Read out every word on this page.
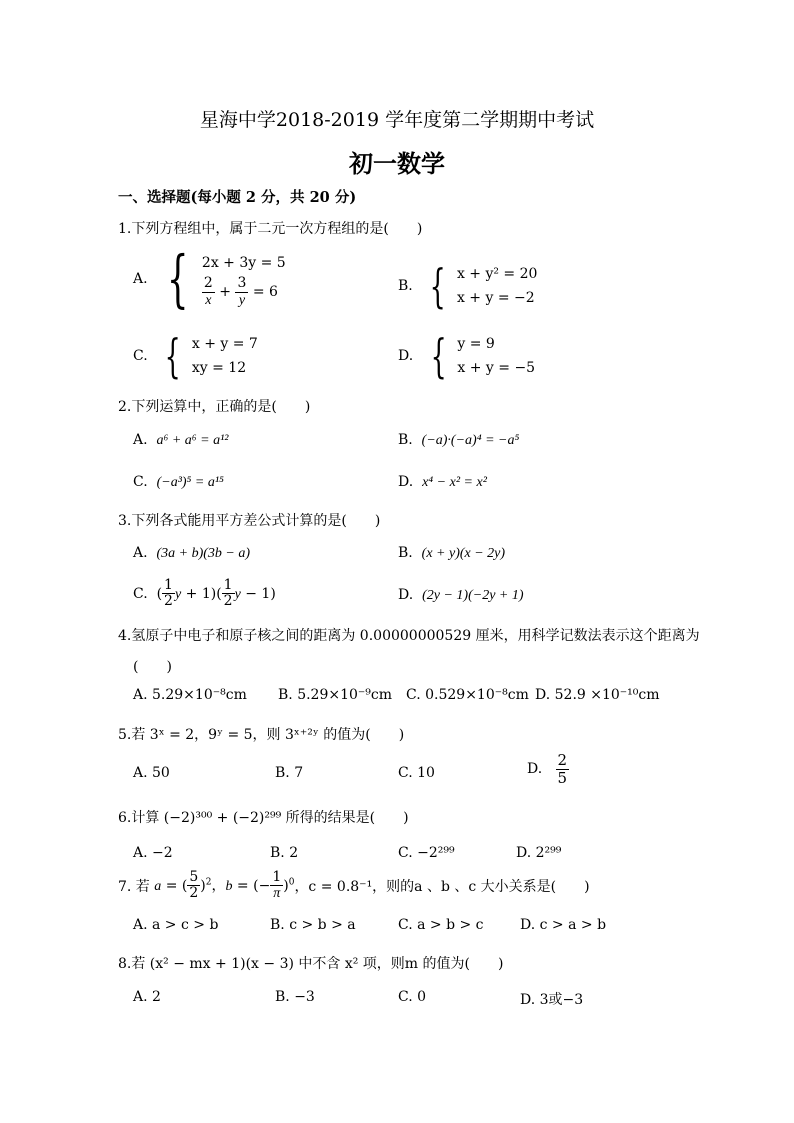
星海中学2018-2019 学年度第二学期期中考试
初一数学
一、选择题(每小题 2 分，共 20 分)
1.下列方程组中，属于二元一次方程组的是(　　)
A. { 2x + 3y = 5
$\frac{2}{x} + \frac{3}{y} = 6$	B. { x + y² = 20
x + y = −2
C. { x + y = 7
xy = 12
D. { y = 9
x + y = −5
2.下列运算中，正确的是(　　)
A. a⁶ + a⁶ = a¹²	B. (−a)·(−a)⁴ = −a⁵
C. (−a³)⁵ = a¹⁵	D. x⁴ − x² = x²
3.下列各式能用平方差公式计算的是(　　)
A. (3a + b)(3b − a)	B. (x + y)(x − 2y)
C. ( $\frac{1}{2}$ $y + 1)( \frac{1}{2}$ y − 1)	D. (2y − 1)(−2y + 1)
4.氢原子中电子和原子核之间的距离为 0.00000000529 厘米，用科学记数法表示这个距离为
(　　)
A. 5.29×10⁻⁸cm B. 5.29×10⁻⁹cm C. 0.529×10⁻⁸cm D. 52.9 ×10⁻¹⁰cm
5.若 3ˣ = 2，9ʸ = 5，则 3ˣ⁺²ʸ 的值为(　　)
A. 50	B. 7	C. 10	D. $\frac{2}{5}$
6.计算 (−2)³⁰⁰ + (−2)²⁹⁹ 所得的结果是(　　)
A. −2	B. 2	C. −2²⁹⁹	D. 2²⁹⁹
7. 若 a = ( $\frac{5}{2} )^2$，b = (− $\frac{1}{\pi} )^0$，c = 0.8⁻¹，则的a 、b 、c 大小关系是(　　)
A. a > c > b	B. c > b > a	C. a > b > c	D. c > a > b
8.若 (x² − mx + 1)(x − 3) 中不含 x² 项，则m 的值为(　　)
A. 2	B. −3	C. 0	D. 3或−3
